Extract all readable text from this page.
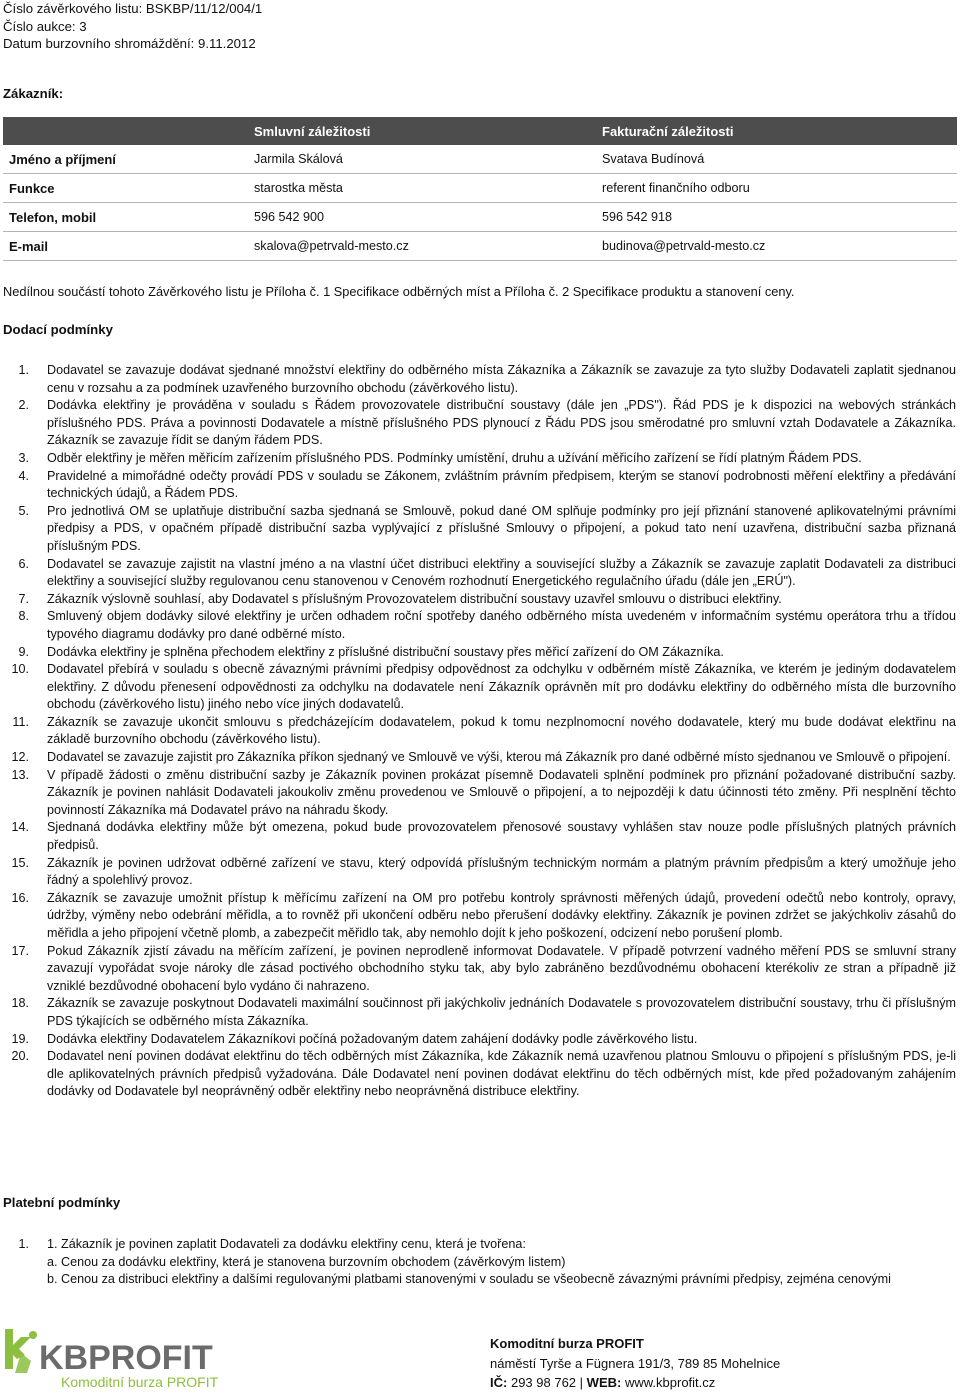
Číslo závěrkového listu: BSKBP/11/12/004/1
Číslo aukce: 3
Datum burzovního shromáždění: 9.11.2012
Zákazník:
	Smluvní záležitosti	Fakturační záležitosti
Jméno a příjmení	Jarmila Skálová	Svatava Budínová
Funkce	starostka města	referent finančního odboru
Telefon, mobil	596 542 900	596 542 918
E-mail	skalova@petrvald-mesto.cz	budinova@petrvald-mesto.cz
Nedílnou součástí tohoto Závěrkového listu je Příloha č. 1 Specifikace odběrných míst a Příloha č. 2 Specifikace produktu a stanovení ceny.
Dodací podmínky
1. Dodavatel se zavazuje dodávat sjednané množství elektřiny do odběrného místa Zákazníka a Zákazník se zavazuje za tyto služby Dodavateli zaplatit sjednanou cenu v rozsahu a za podmínek uzavřeného burzovního obchodu (závěrkového listu).
2. Dodávka elektřiny je prováděna v souladu s Řádem provozovatele distribuční soustavy (dále jen „PDS"). Řád PDS je k dispozici na webových stránkách příslušného PDS. Práva a povinnosti Dodavatele a místně příslušného PDS plynoucí z Řádu PDS jsou směrodatné pro smluvní vztah Dodavatele a Zákazníka. Zákazník se zavazuje řídit se daným řádem PDS.
3. Odběr elektřiny je měřen měřicím zařízením příslušného PDS. Podmínky umístění, druhu a užívání měřicího zařízení se řídí platným Řádem PDS.
4. Pravidelné a mimořádné odečty provádí PDS v souladu se Zákonem, zvláštním právním předpisem, kterým se stanoví podrobnosti měření elektřiny a předávání technických údajů, a Řádem PDS.
5. Pro jednotlivá OM se uplatňuje distribuční sazba sjednaná se Smlouvě, pokud dané OM splňuje podmínky pro její přiznání stanovené aplikovatelnými právními předpisy a PDS, v opačném případě distribuční sazba vyplývající z příslušné Smlouvy o připojení, a pokud tato není uzavřena, distribuční sazba přiznaná příslušným PDS.
6. Dodavatel se zavazuje zajistit na vlastní jméno a na vlastní účet distribuci elektřiny a související služby a Zákazník se zavazuje zaplatit Dodavateli za distribuci elektřiny a související služby regulovanou cenu stanovenou v Cenovém rozhodnutí Energetického regulačního úřadu (dále jen „ERÚ").
7. Zákazník výslovně souhlasí, aby Dodavatel s příslušným Provozovatelem distribuční soustavy uzavřel smlouvu o distribuci elektřiny.
8. Smluvený objem dodávky silové elektřiny je určen odhadem roční spotřeby daného odběrného místa uvedeném v informačním systému operátora trhu a třídou typového diagramu dodávky pro dané odběrné místo.
9. Dodávka elektřiny je splněna přechodem elektřiny z příslušné distribuční soustavy přes měřicí zařízení do OM Zákazníka.
10. Dodavatel přebírá v souladu s obecně závaznými právními předpisy odpovědnost za odchylku v odběrném místě Zákazníka, ve kterém je jediným dodavatelem elektřiny. Z důvodu přenesení odpovědnosti za odchylku na dodavatele není Zákazník oprávněn mít pro dodávku elektřiny do odběrného místa dle burzovního obchodu (závěrkového listu) jiného nebo více jiných dodavatelů.
11. Zákazník se zavazuje ukončit smlouvu s předcházejícím dodavatelem, pokud k tomu nezplnomocní nového dodavatele, který mu bude dodávat elektřinu na základě burzovního obchodu (závěrkového listu).
12. Dodavatel se zavazuje zajistit pro Zákazníka příkon sjednaný ve Smlouvě ve výši, kterou má Zákazník pro dané odběrné místo sjednanou ve Smlouvě o připojení.
13. V případě žádosti o změnu distribuční sazby je Zákazník povinen prokázat písemně Dodavateli splnění podmínek pro přiznání požadované distribuční sazby. Zákazník je povinen nahlásit Dodavateli jakoukoliv změnu provedenou ve Smlouvě o připojení, a to nejpozději k datu účinnosti této změny. Při nesplnění těchto povinností Zákazníka má Dodavatel právo na náhradu škody.
14. Sjednaná dodávka elektřiny může být omezena, pokud bude provozovatelem přenosové soustavy vyhlášen stav nouze podle příslušných platných právních předpisů.
15. Zákazník je povinen udržovat odběrné zařízení ve stavu, který odpovídá příslušným technickým normám a platným právním předpisům a který umožňuje jeho řádný a spolehlivý provoz.
16. Zákazník se zavazuje umožnit přístup k měřícímu zařízení na OM pro potřebu kontroly správnosti měřených údajů, provedení odečtů nebo kontroly, opravy, údržby, výměny nebo odebrání měřidla, a to rovněž při ukončení odběru nebo přerušení dodávky elektřiny. Zákazník je povinen zdržet se jakýchkoliv zásahů do měřidla a jeho připojení včetně plomb, a zabezpečit měřidlo tak, aby nemohlo dojít k jeho poškození, odcizení nebo porušení plomb.
17. Pokud Zákazník zjistí závadu na měřícím zařízení, je povinen neprodleně informovat Dodavatele. V případě potvrzení vadného měření PDS se smluvní strany zavazují vypořádat svoje nároky dle zásad poctivého obchodního styku tak, aby bylo zabráněno bezdůvodnému obohacení kterékoliv ze stran a případně již vzniklé bezdůvodné obohacení bylo vydáno či nahrazeno.
18. Zákazník se zavazuje poskytnout Dodavateli maximální součinnost při jakýchkoliv jednáních Dodavatele s provozovatelem distribuční soustavy, trhu či příslušným PDS týkajících se odběrného místa Zákazníka.
19. Dodávka elektřiny Dodavatelem Zákazníkovi počíná požadovaným datem zahájení dodávky podle závěrkového listu.
20. Dodavatel není povinen dodávat elektřinu do těch odběrných míst Zákazníka, kde Zákazník nemá uzavřenou platnou Smlouvu o připojení s příslušným PDS, je-li dle aplikovatelných právních předpisů vyžadována. Dále Dodavatel není povinen dodávat elektřinu do těch odběrných míst, kde před požadovaným zahájením dodávky od Dodavatele byl neoprávněný odběr elektřiny nebo neoprávněná distribuce elektřiny.
Platební podmínky
1.	1. Zákazník je povinen zaplatit Dodavateli za dodávku elektřiny cenu, která je tvořena:
a. Cenou za dodávku elektřiny, která je stanovena burzovním obchodem (závěrkovým listem)
b. Cenou za distribuci elektřiny a dalšími regulovanými platbami stanovenými v souladu se všeobecně závaznými právními předpisy, zejména cenovými
KBPROFIT
Komoditní burza PROFIT
Komoditní burza PROFIT
náměstí Tyrše a Fügnera 191/3, 789 85 Mohelnice
IČ: 293 98 762 | WEB: www.kbprofit.cz
